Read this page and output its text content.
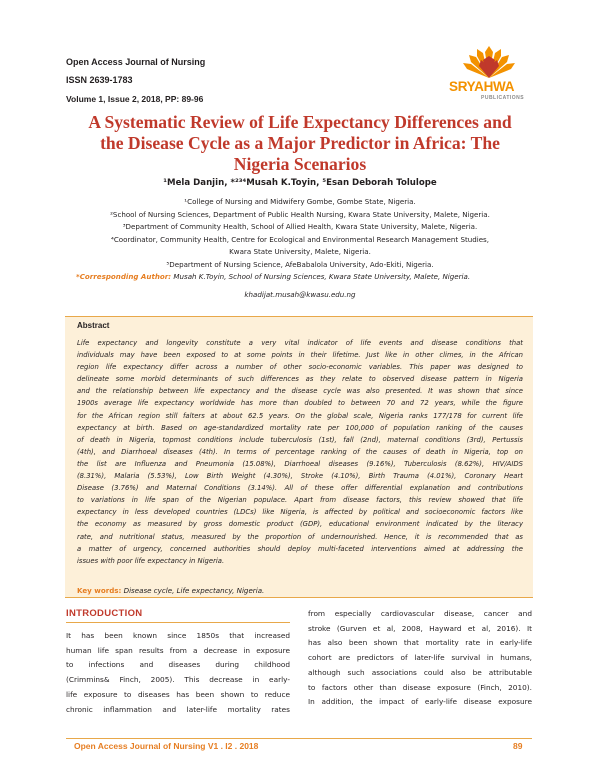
Open Access Journal of Nursing
ISSN 2639-1783
Volume 1, Issue 2, 2018, PP: 89-96
SRYAHWA
PUBLICATIONS
A Systematic Review of Life Expectancy Differences and
the Disease Cycle as a Major Predictor in Africa: The
Nigeria Scenarios
¹Mela Danjin, *²³⁴Musah K.Toyin, ⁵Esan Deborah Tolulope
¹College of Nursing and Midwifery Gombe, Gombe State, Nigeria.
²School of Nursing Sciences, Department of Public Health Nursing, Kwara State University, Malete, Nigeria.
³Department of Community Health, School of Allied Health, Kwara State University, Malete, Nigeria.
⁴Coordinator, Community Health, Centre for Ecological and Environmental Research Management Studies,
Kwara State University, Malete, Nigeria.
⁵Department of Nursing Science, AfeBabalola University, Ado-Ekiti, Nigeria.
*Corresponding Author: Musah K.Toyin, School of Nursing Sciences, Kwara State University, Malete, Nigeria.
khadijat.musah@kwasu.edu.ng
Abstract
Life expectancy and longevity constitute a very vital indicator of life events and disease conditions that
individuals may have been exposed to at some points in their lifetime. Just like in other climes, in the African
region life expectancy differ across a number of other socio-economic variables. This paper was designed to
delineate some morbid determinants of such differences as they relate to observed disease pattern in Nigeria
and the relationship between life expectancy and the disease cycle was also presented. It was shown that since
1900s average life expectancy worldwide has more than doubled to between 70 and 72 years, while the figure
for the African region still falters at about 62.5 years. On the global scale, Nigeria ranks 177/178 for current life
expectancy at birth. Based on age-standardized mortality rate per 100,000 of population ranking of the causes
of death in Nigeria, topmost conditions include tuberculosis (1st), fall (2nd), maternal conditions (3rd), Pertussis
(4th), and Diarrhoeal diseases (4th). In terms of percentage ranking of the causes of death in Nigeria, top on
the list are Influenza and Pneumonia (15.08%), Diarrhoeal diseases (9.16%), Tuberculosis (8.62%), HIV/AIDS
(8.31%), Malaria (5.53%), Low Birth Weight (4.30%), Stroke (4.10%), Birth Trauma (4.01%), Coronary Heart
Disease (3.76%) and Maternal Conditions (3.14%). All of these offer differential explanation and contributions
to variations in life span of the Nigerian populace. Apart from disease factors, this review showed that life
expectancy in less developed countries (LDCs) like Nigeria, is affected by political and socioeconomic factors like
the economy as measured by gross domestic product (GDP), educational environment indicated by the literacy
rate, and nutritional status, measured by the proportion of undernourished. Hence, it is recommended that as
a matter of urgency, concerned authorities should deploy multi-faceted interventions aimed at addressing the
issues with poor life expectancy in Nigeria.
Key words: Disease cycle, Life expectancy, Nigeria.
INTRODUCTION
It has been known since 1850s that increased
human life span results from a decrease in exposure
to infections and diseases during childhood
(Crimmins& Finch, 2005). This decrease in early-
life exposure to diseases has been shown to reduce
chronic inflammation and later-life mortality rates
from especially cardiovascular disease, cancer and
stroke (Gurven et al, 2008, Hayward et al, 2016). It
has also been shown that mortality rate in early-life
cohort are predictors of later-life survival in humans,
although such associations could also be attributable
to factors other than disease exposure (Finch, 2010).
In addition, the impact of early-life disease exposure
Open Access Journal of Nursing V1 . I2 . 2018	89
